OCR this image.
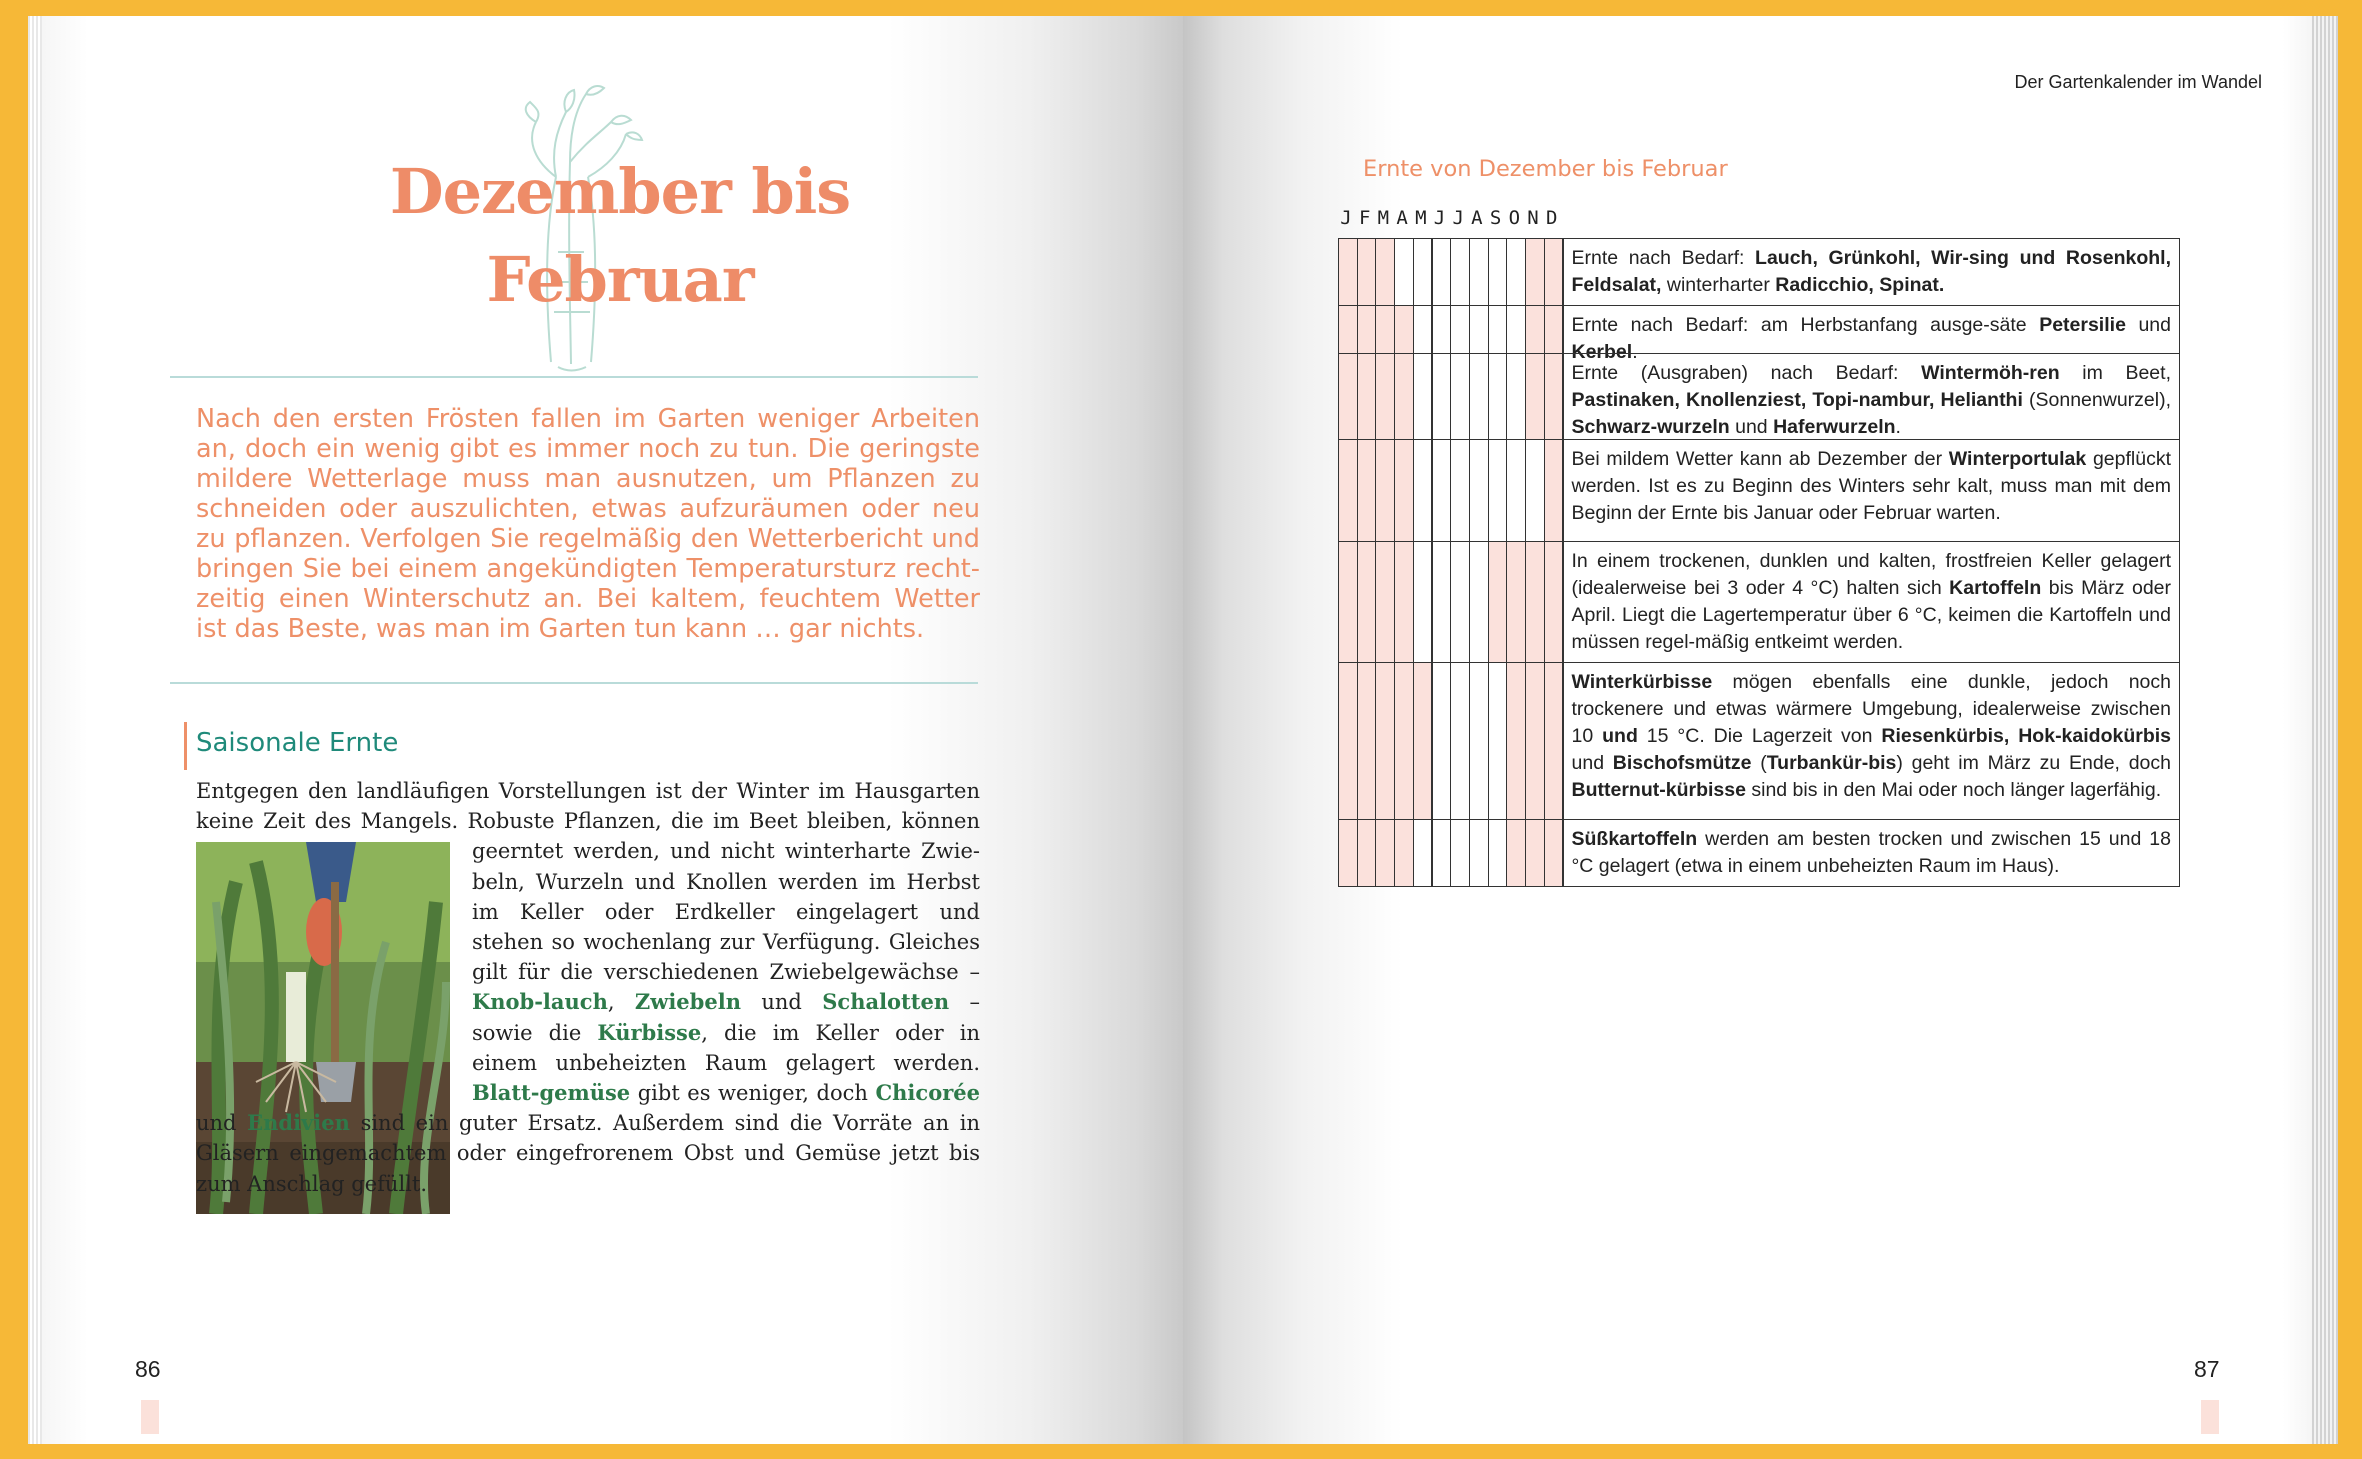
Dezember bis
Februar

Nach den ersten Frösten fallen im Garten weniger Arbeiten an, doch ein wenig gibt es immer noch zu tun. Die geringste mildere Wetterlage muss man ausnutzen, um Pflanzen zu schneiden oder auszulichten, etwas aufzuräumen oder neu zu pflanzen. Verfolgen Sie regelmäßig den Wetterbericht und bringen Sie bei einem angekündigten Temperatursturz recht-zeitig einen Winterschutz an. Bei kaltem, feuchtem Wetter ist das Beste, was man im Garten tun kann … gar nichts.

Saisonale Ernte
Entgegen den landläufigen Vorstellungen ist der Winter im Hausgarten keine Zeit des Mangels. Robuste Pflanzen, die im Beet bleiben, können
geerntet werden, und nicht winterharte Zwie-beln, Wurzeln und Knollen werden im Herbst im Keller oder Erdkeller eingelagert und stehen so wochenlang zur Verfügung. Gleiches gilt für die verschiedenen Zwiebelgewächse – Knob-lauch, Zwiebeln und Schalotten – sowie die Kürbisse, die im Keller oder in einem unbeheizten Raum gelagert werden. Blatt-gemüse gibt es weniger, doch Chicorée und Endivien sind ein guter Ersatz. Außerdem sind die Vorräte an in Gläsern eingemachtem oder eingefrorenem Obst und Gemüse jetzt bis zum Anschlag gefüllt.
86
Der Gartenkalender im Wandel
Ernte von Dezember bis Februar
J F M A M J J A S O N D
Ernte nach Bedarf: Lauch, Grünkohl, Wir-sing und Rosenkohl, Feldsalat, winterharter Radicchio, Spinat.
Ernte nach Bedarf: am Herbstanfang ausge-säte Petersilie und Kerbel.
Ernte (Ausgraben) nach Bedarf: Wintermöh-ren im Beet, Pastinaken, Knollenziest, Topi-nambur, Helianthi (Sonnenwurzel), Schwarz-wurzeln und Haferwurzeln.
Bei mildem Wetter kann ab Dezember der Winterportulak gepflückt werden. Ist es zu Beginn des Winters sehr kalt, muss man mit dem Beginn der Ernte bis Januar oder Februar warten.
In einem trockenen, dunklen und kalten, frostfreien Keller gelagert (idealerweise bei 3 oder 4 °C) halten sich Kartoffeln bis März oder April. Liegt die Lagertemperatur über 6 °C, keimen die Kartoffeln und müssen regel-mäßig entkeimt werden.
Winterkürbisse mögen ebenfalls eine dunkle, jedoch noch trockenere und etwas wärmere Umgebung, idealerweise zwischen 10 und 15 °C. Die Lagerzeit von Riesenkürbis, Hok-kaidokürbis und Bischofsmütze (Turbankür-bis) geht im März zu Ende, doch Butternut-kürbisse sind bis in den Mai oder noch länger lagerfähig.
Süßkartoffeln werden am besten trocken und zwischen 15 und 18 °C gelagert (etwa in einem unbeheizten Raum im Haus).
87
